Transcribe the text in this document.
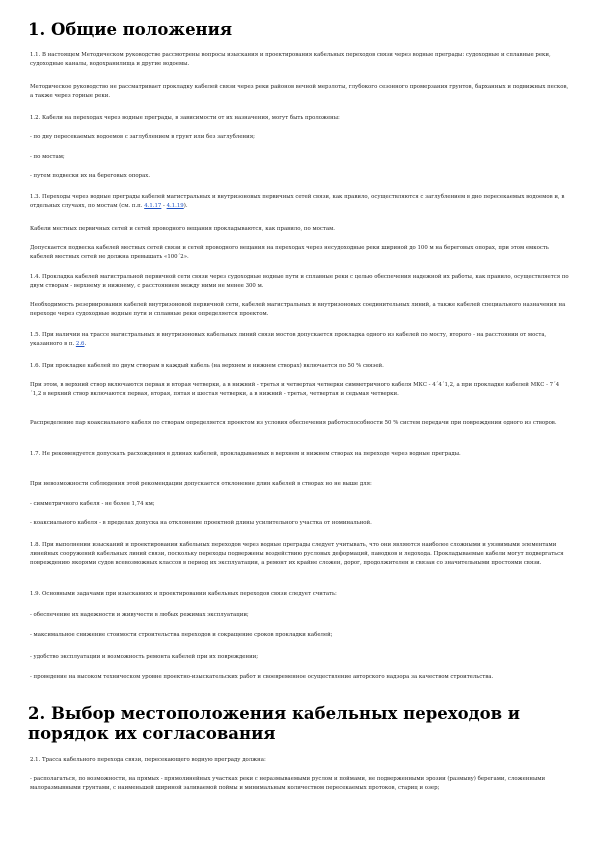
1. Общие положения

1.1. В настоящем Методическом руководстве рассмотрены вопросы изыскания и проектирования кабельных переходов связи через водные преграды: судоходные и сплавные реки, судоходные каналы, водохранилища и другие водоемы.

Методическое руководство не рассматривает прокладку кабелей связи через реки районов вечной мерзлоты, глубокого сезонного промерзания грунтов, барханных и подвижных песков, а также через горные реки.

1.2. Кабели на переходах через водные преграды, в зависимости от их назначения, могут быть проложены:

- по дну пересекаемых водоемов с заглублением в грунт или без заглубления;

- по мостам;

- путем подвески их на береговых опорах.

1.3. Переходы через водные преграды кабелей магистральных и внутризоновых первичных сетей связи, как правило, осуществляются с заглублением в дно пересекаемых водоемов и, в отдельных случаях, по мостам (см. п.п. 4.1.17 - 4.1.19).

Кабели местных первичных сетей и сетей проводного вещания прокладываются, как правило, по мостам.

Допускается подвеска кабелей местных сетей связи и сетей проводного вещания на переходах через несудоходные реки шириной до 100 м на береговых опорах, при этом емкость кабелей местных сетей не должна превышать «100´2».

1.4. Прокладка кабелей магистральной первичной сети связи через судоходные водные пути и сплавные реки с целью обеспечения надежной их работы, как правило, осуществляется по двум створам - верхнему и нижнему, с расстоянием между ними не менее 300 м.

Необходимость резервирования кабелей внутризоновой первичной сети, кабелей магистральных и внутризоновых соединительных линий, а также кабелей специального назначения на переходе через судоходные водные пути и сплавные реки определяется проектом.

1.5. При наличии на трассе магистральных и внутризоновых кабельных линий связи мостов допускается прокладка одного из кабелей по мосту, второго - на расстоянии от моста, указанного в п. 2.6.

1.6. При прокладке кабелей по двум створам в каждый кабель (на верхнем и нижнем створах) включается по 50 % связей.

При этом, в верхний створ включаются первая и вторая четверки, а в нижний - третья и четвертая четверки симметричного кабеля МКС - 4´4´1,2, а при прокладке кабелей МКС - 7´4´1,2 в верхний створ включаются первая, вторая, пятая и шестая четверки, а в нижний - третья, четвертая и седьмая четверки.

Распределение пар коаксиального кабеля по створам определяется проектом из условия обеспечения работоспособности 50 % систем передачи при повреждении одного из створов.

1.7. Не рекомендуется допускать расхождения в длинах кабелей, прокладываемых в верхнем и нижнем створах на переходе через водные преграды.

При невозможности соблюдения этой рекомендации допускается отклонение длин кабелей в створах но не выше для:

- симметричного кабеля - не более 1,74 км;

- коаксиального кабеля - в пределах допуска на отклонение проектной длины усилительного участка от номинальной.

1.8. При выполнении изысканий и проектировании кабельных переходов через водные преграды следует учитывать, что они являются наиболее сложными и уязвимыми элементами линейных сооружений кабельных линий связи, поскольку переходы подвержены воздействию русловых деформаций, паводков и ледохода. Прокладываемые кабели могут подвергаться повреждению якорями судов всевозможных классов в период их эксплуатации, а ремонт их крайне сложен, дорог, продолжителен и связан со значительными простоями связи.

1.9. Основными задачами при изысканиях и проектировании кабельных переходов связи следует считать:

- обеспечение их надежности и живучести в любых режимах эксплуатации;

- максимальное снижение стоимости строительства переходов и сокращение сроков прокладки кабелей;

- удобство эксплуатации и возможность ремонта кабелей при их повреждении;

- проведение на высоком техническом уровне проектно-изыскательских работ и своевременное осуществление авторского надзора за качеством строительства.

2. Выбор местоположения кабельных переходов и порядок их согласования

2.1. Трасса кабельного перехода связи, пересекающего водную преграду должна:

- располагаться, по возможности, на прямых - прямолинейных участках реки с неразмываемыми руслом и поймами, не подверженными эрозии (размыву) берегами, сложенными малоразмывными грунтами, с наименьшей шириной заливаемой поймы и минимальным количеством пересекаемых протоков, стариц и озер;
